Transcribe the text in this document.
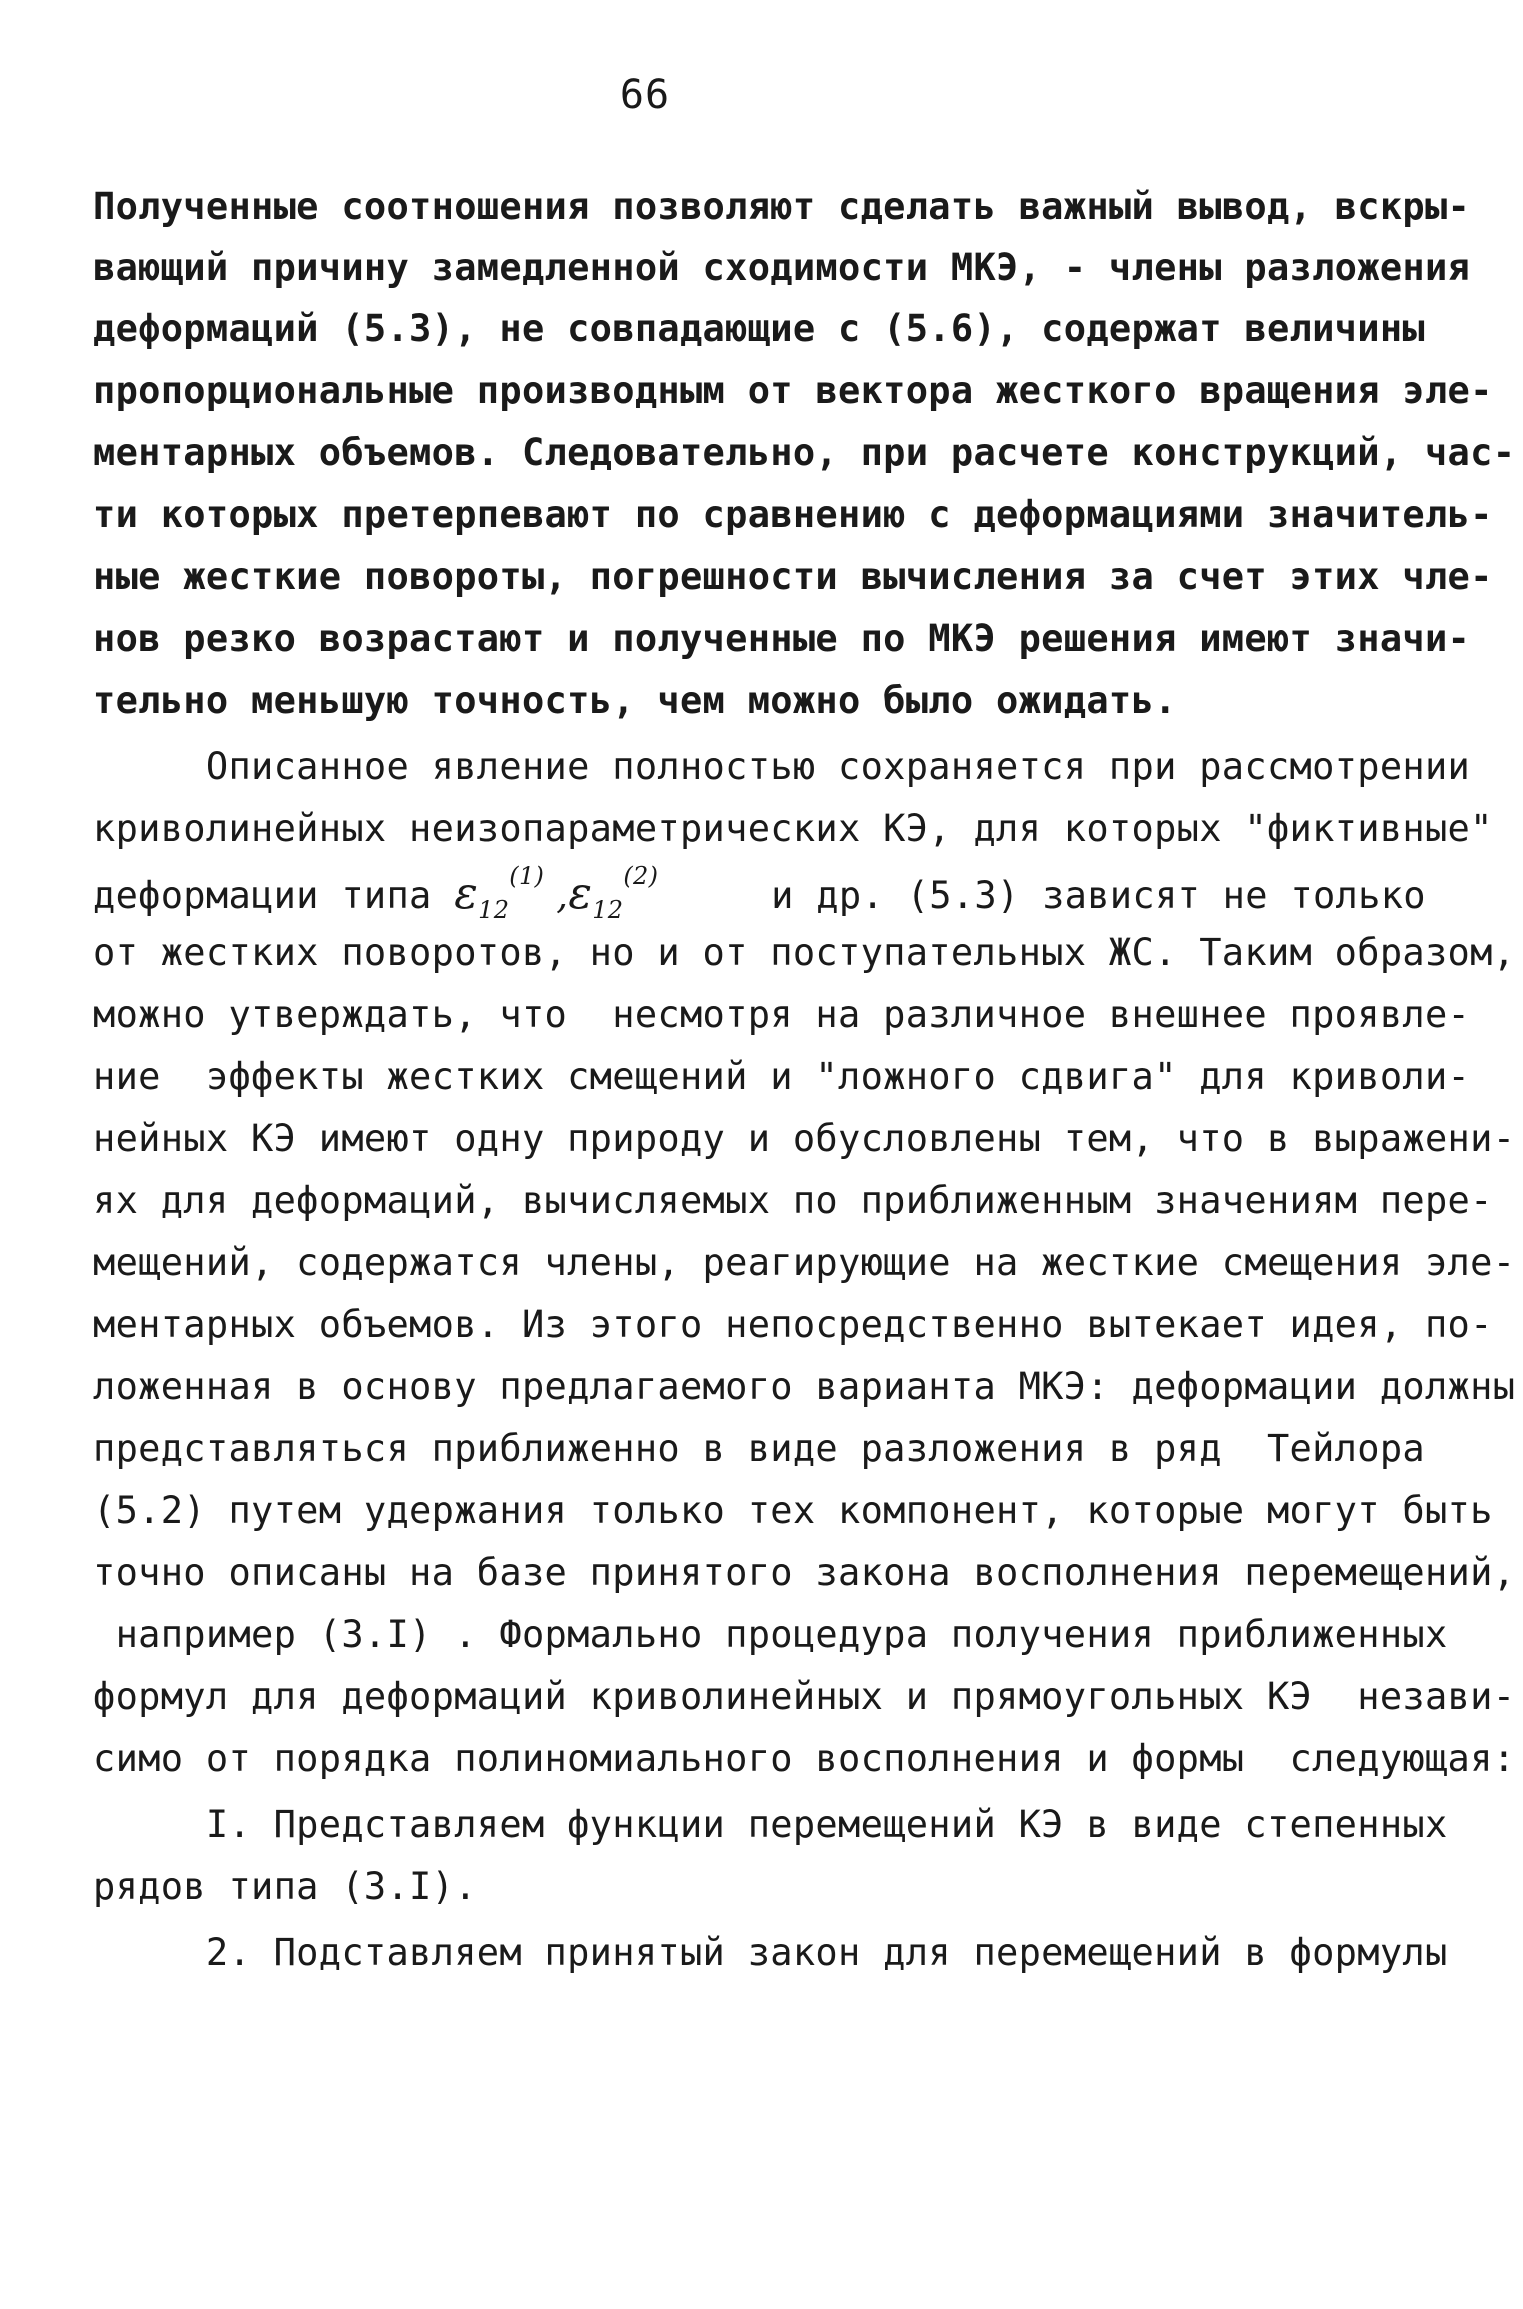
66
Полученные соотношения позволяют сделать важный вывод, вскры-
вающий причину замедленной сходимости МКЭ, - члены разложения
деформаций (5.3), не совпадающие с (5.6), содержат величины
пропорциональные производным от вектора жесткого вращения эле-
ментарных объемов. Следовательно, при расчете конструкций, час-
ти которых претерпевают по сравнению с деформациями значитель-
ные жесткие повороты, погрешности вычисления за счет этих чле-
нов резко возрастают и полученные по МКЭ решения имеют значи-
тельно меньшую точность, чем можно было ожидать.
Описанное явление полностью сохраняется при рассмотрении
криволинейных неизопараметрических КЭ, для которых "фиктивные"
деформации типа $\varepsilon_{12}^{(1)}$ $,\varepsilon_{12}^{(2)}$     и др. (5.3) зависят не только
от жестких поворотов, но и от поступательных ЖС. Таким образом,
можно утверждать, что  несмотря на различное внешнее проявле-
ние  эффекты жестких смещений и "ложного сдвига" для криволи-
нейных КЭ имеют одну природу и обусловлены тем, что в выражени-
ях для деформаций, вычисляемых по приближенным значениям пере-
мещений, содержатся члены, реагирующие на жесткие смещения эле-
ментарных объемов. Из этого непосредственно вытекает идея, по-
ложенная в основу предлагаемого варианта МКЭ: деформации должны
представляться приближенно в виде разложения в ряд  Тейлора
(5.2) путем удержания только тех компонент, которые могут быть
точно описаны на базе принятого закона восполнения перемещений,
например (3.I) . Формально процедура получения приближенных
формул для деформаций криволинейных и прямоугольных КЭ  незави-
симо от порядка полиномиального восполнения и формы  следующая:
I. Представляем функции перемещений КЭ в виде степенных
рядов типа (3.I).
2. Подставляем принятый закон для перемещений в формулы
